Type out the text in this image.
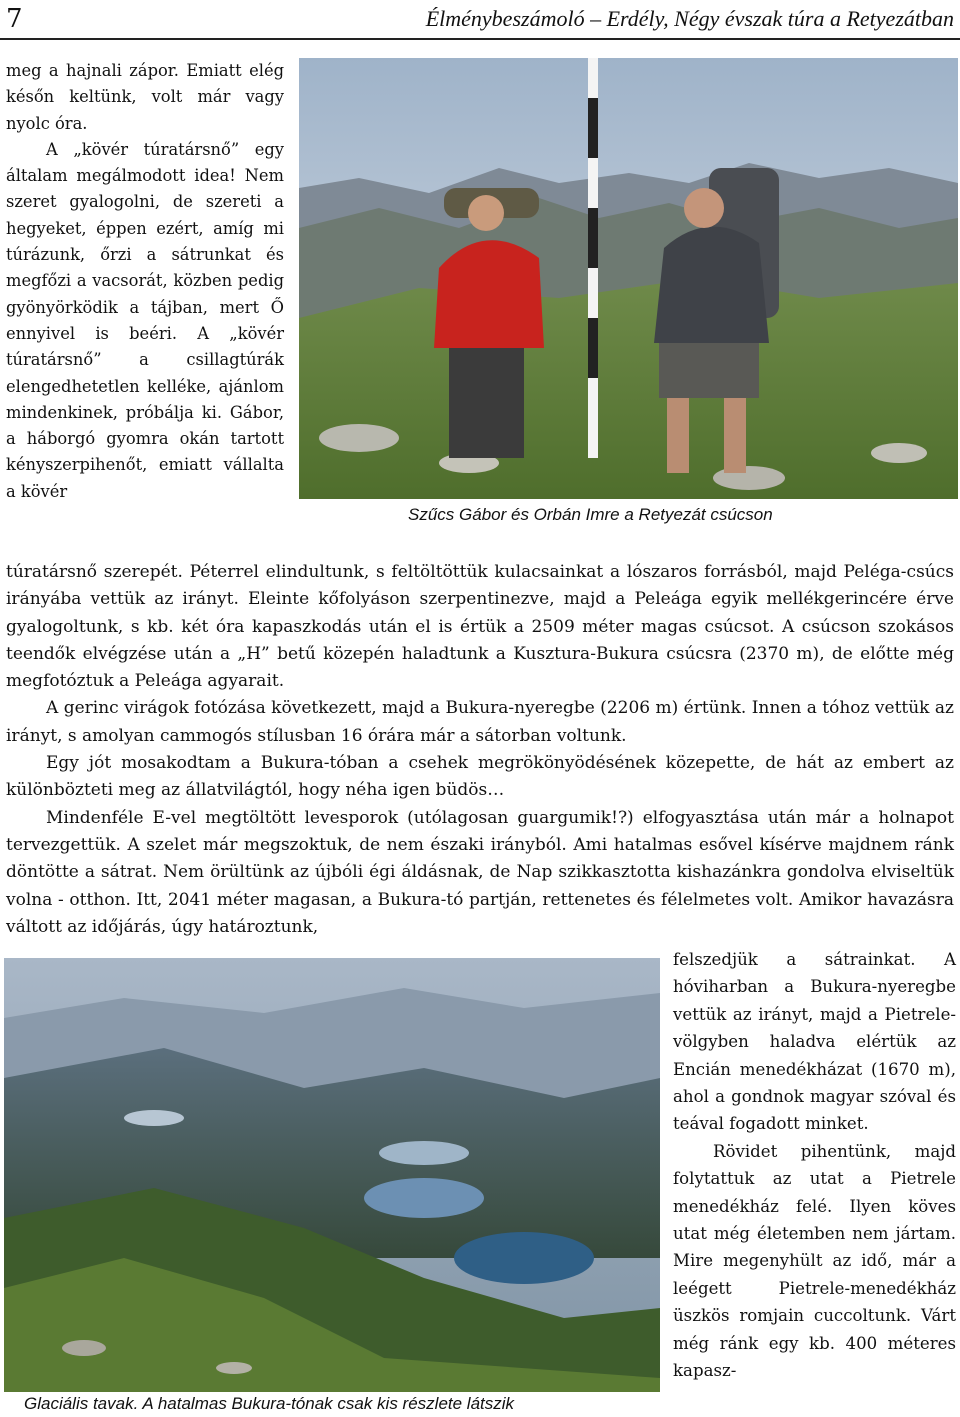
7	Élménybeszámoló – Erdély, Négy évszak túra a Retyezátban

meg a hajnali zápor. Emiatt elég későn keltünk, volt már vagy nyolc óra.

A „kövér túratársnő” egy általam megálmodott idea! Nem szeret gyalogolni, de szereti a hegyeket, éppen ezért, amíg mi túrázunk, őrzi a sátrunkat és megfőzi a vacsorát, közben pedig gyönyörködik a tájban, mert Ő ennyivel is beéri. A „kövér túratársnő” a csillagtúrák elengedhetetlen kelléke, ajánlom mindenkinek, próbálja ki. Gábor, a háborgó gyomra okán tartott kényszerpihenőt, emiatt vállalta a kövér

Szűcs Gábor és Orbán Imre a Retyezát csúcson

túratársnő szerepét. Péterrel elindultunk, s feltöltöttük kulacsainkat a lószaros forrásból, majd Peléga-csúcs irányába vettük az irányt. Eleinte kőfolyáson szerpentinezve, majd a Peleága egyik mellékgerincére érve gyalogoltunk, s kb. két óra kapaszkodás után el is értük a 2509 méter magas csúcsot. A csúcson szokásos teendők elvégzése után a „H” betű közepén haladtunk a Kusztura-Bukura csúcsra (2370 m), de előtte még megfotóztuk a Peleága agyarait.

A gerinc virágok fotózása következett, majd a Bukura-nyeregbe (2206 m) értünk. Innen a tóhoz vettük az irányt, s amolyan cammogós stílusban 16 órára már a sátorban voltunk.

Egy jót mosakodtam a Bukura-tóban a csehek megrökönyödésének közepette, de hát az embert az különbözteti meg az állatvilágtól, hogy néha igen büdös…

Mindenféle E-vel megtöltött levesporok (utólagosan guargumik!?) elfogyasztása után már a holnapot tervezgettük. A szelet már megszoktuk, de nem északi irányból. Ami hatalmas esővel kísérve majdnem ránk döntötte a sátrat. Nem örültünk az újbóli égi áldásnak, de Nap szikkasztotta kishazánkra gondolva elviseltük volna - otthon. Itt, 2041 méter magasan, a Bukura-tó partján, rettenetes és félelmetes volt. Amikor havazásra váltott az időjárás, úgy határoztunk,

Glaciális tavak. A hatalmas Bukura-tónak csak kis részlete látszik

felszedjük a sátrainkat. A hóviharban a Bukura-nyeregbe vettük az irányt, majd a Pietrele-völgyben haladva elértük az Encián menedékházat (1670 m), ahol a gondnok magyar szóval és teával fogadott minket.

Rövidet pihentünk, majd folytattuk az utat a Pietrele menedékház felé. Ilyen köves utat még életemben nem jártam. Mire megenyhült az idő, már a leégett Pietrele-menedékház üszkös romjain cuccoltunk. Várt még ránk egy kb. 400 méteres kapasz-
